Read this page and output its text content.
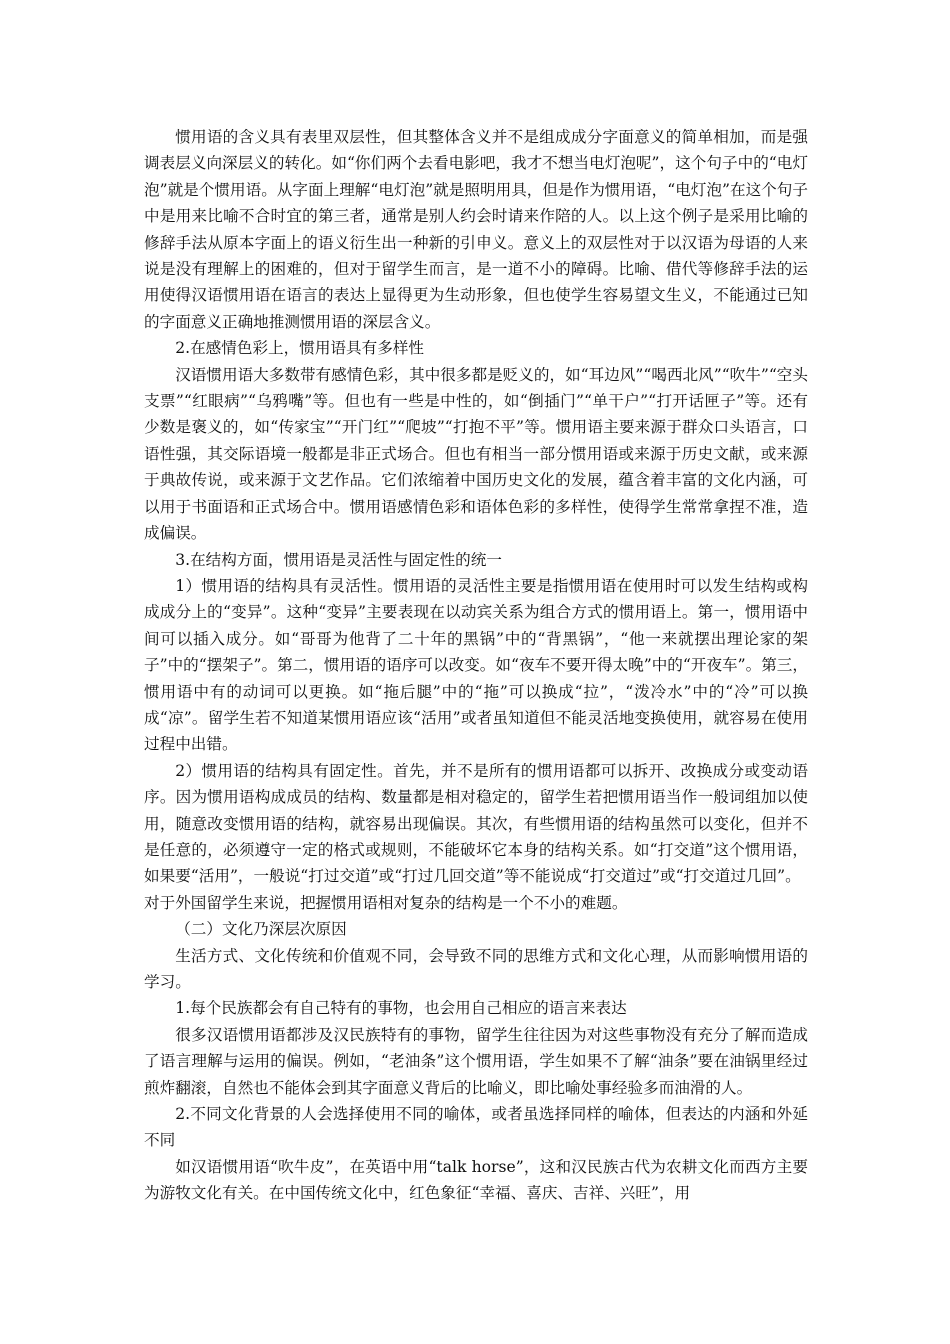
惯用语的含义具有表里双层性，但其整体含义并不是组成成分字面意义的简单相加，而是强调表层义向深层义的转化。如“你们两个去看电影吧，我才不想当电灯泡呢”，这个句子中的“电灯泡”就是个惯用语。从字面上理解“电灯泡”就是照明用具，但是作为惯用语，“电灯泡”在这个句子中是用来比喻不合时宜的第三者，通常是别人约会时请来作陪的人。以上这个例子是采用比喻的修辞手法从原本字面上的语义衍生出一种新的引申义。意义上的双层性对于以汉语为母语的人来说是没有理解上的困难的，但对于留学生而言，是一道不小的障碍。比喻、借代等修辞手法的运用使得汉语惯用语在语言的表达上显得更为生动形象，但也使学生容易望文生义，不能通过已知的字面意义正确地推测惯用语的深层含义。

2.在感情色彩上，惯用语具有多样性

汉语惯用语大多数带有感情色彩，其中很多都是贬义的，如“耳边风”“喝西北风”“吹牛”“空头支票”“红眼病”“乌鸦嘴”等。但也有一些是中性的，如“倒插门”“单干户”“打开话匣子”等。还有少数是褒义的，如“传家宝”“开门红”“爬坡”“打抱不平”等。惯用语主要来源于群众口头语言，口语性强，其交际语境一般都是非正式场合。但也有相当一部分惯用语或来源于历史文献，或来源于典故传说，或来源于文艺作品。它们浓缩着中国历史文化的发展，蕴含着丰富的文化内涵，可以用于书面语和正式场合中。惯用语感情色彩和语体色彩的多样性，使得学生常常拿捏不准，造成偏误。

3.在结构方面，惯用语是灵活性与固定性的统一

1）惯用语的结构具有灵活性。惯用语的灵活性主要是指惯用语在使用时可以发生结构或构成成分上的“变异”。这种“变异”主要表现在以动宾关系为组合方式的惯用语上。第一，惯用语中间可以插入成分。如“哥哥为他背了二十年的黑锅”中的“背黑锅”，“他一来就摆出理论家的架子”中的“摆架子”。第二，惯用语的语序可以改变。如“夜车不要开得太晚”中的“开夜车”。第三，惯用语中有的动词可以更换。如“拖后腿”中的“拖”可以换成“拉”，“泼冷水”中的“冷”可以换成“凉”。留学生若不知道某惯用语应该“活用”或者虽知道但不能灵活地变换使用，就容易在使用过程中出错。

2）惯用语的结构具有固定性。首先，并不是所有的惯用语都可以拆开、改换成分或变动语序。因为惯用语构成成员的结构、数量都是相对稳定的，留学生若把惯用语当作一般词组加以使用，随意改变惯用语的结构，就容易出现偏误。其次，有些惯用语的结构虽然可以变化，但并不是任意的，必须遵守一定的格式或规则，不能破坏它本身的结构关系。如“打交道”这个惯用语，如果要“活用”，一般说“打过交道”或“打过几回交道”等不能说成“打交道过”或“打交道过几回”。

对于外国留学生来说，把握惯用语相对复杂的结构是一个不小的难题。

（二）文化乃深层次原因

生活方式、文化传统和价值观不同，会导致不同的思维方式和文化心理，从而影响惯用语的学习。

1.每个民族都会有自己特有的事物，也会用自己相应的语言来表达

很多汉语惯用语都涉及汉民族特有的事物，留学生往往因为对这些事物没有充分了解而造成了语言理解与运用的偏误。例如，“老油条”这个惯用语，学生如果不了解“油条”要在油锅里经过煎炸翻滚，自然也不能体会到其字面意义背后的比喻义，即比喻处事经验多而油滑的人。

2.不同文化背景的人会选择使用不同的喻体，或者虽选择同样的喻体，但表达的内涵和外延不同

如汉语惯用语“吹牛皮”，在英语中用“talk horse”，这和汉民族古代为农耕文化而西方主要为游牧文化有关。在中国传统文化中，红色象征“幸福、喜庆、吉祥、兴旺”，用
